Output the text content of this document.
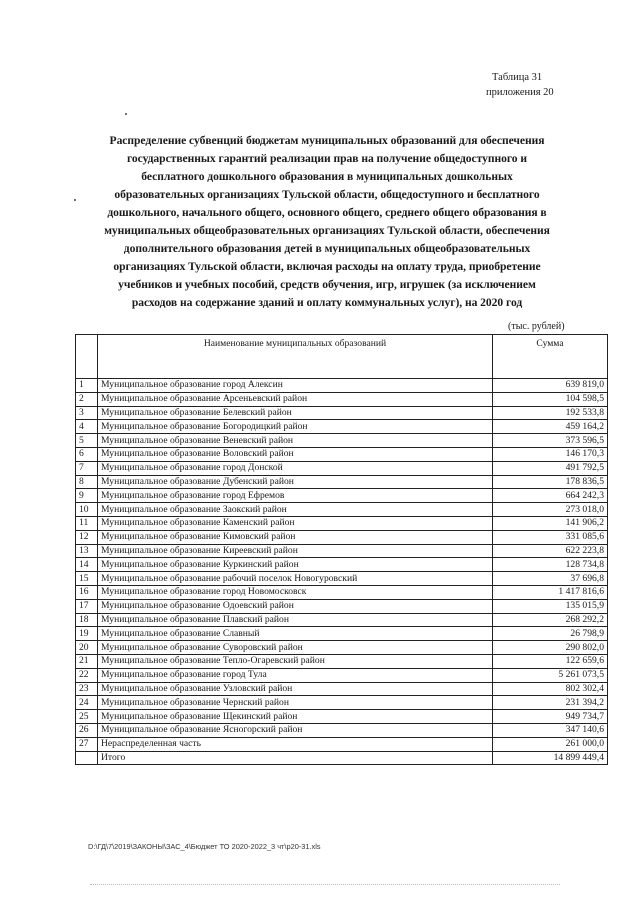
Таблица 31
приложения 20
Распределение субвенций бюджетам муниципальных образований для обеспечения
государственных гарантий реализации прав на получение общедоступного и
бесплатного дошкольного образования в муниципальных дошкольных
образовательных организациях Тульской области, общедоступного и бесплатного
дошкольного, начального общего, основного общего, среднего общего образования в
муниципальных общеобразовательных организациях Тульской области, обеспечения
дополнительного образования детей в муниципальных общеобразовательных
организациях Тульской области, включая расходы на оплату труда, приобретение
учебников и учебных пособий, средств обучения, игр, игрушек (за исключением
расходов на содержание зданий и оплату коммунальных услуг), на 2020 год
(тыс. рублей)
	Наименование муниципальных образований	Сумма
1	Муниципальное образование город Алексин	639 819,0
2	Муниципальное образование Арсеньевский район	104 598,5
3	Муниципальное образование Белевский район	192 533,8
4	Муниципальное образование Богородицкий район	459 164,2
5	Муниципальное образование Веневский район	373 596,5
6	Муниципальное образование Воловский район	146 170,3
7	Муниципальное образование город Донской	491 792,5
8	Муниципальное образование Дубенский район	178 836,5
9	Муниципальное образование город Ефремов	664 242,3
10	Муниципальное образование Заокский район	273 018,0
11	Муниципальное образование Каменский район	141 906,2
12	Муниципальное образование Кимовский район	331 085,6
13	Муниципальное образование Киреевский район	622 223,8
14	Муниципальное образование Куркинский район	128 734,8
15	Муниципальное образование рабочий поселок Новогуровский	37 696,8
16	Муниципальное образование город Новомосковск	1 417 816,6
17	Муниципальное образование Одоевский район	135 015,9
18	Муниципальное образование Плавский район	268 292,2
19	Муниципальное образование Славный	26 798,9
20	Муниципальное образование Суворовский район	290 802,0
21	Муниципальное образование Тепло-Огаревский район	122 659,6
22	Муниципальное образование город Тула	5 261 073,5
23	Муниципальное образование Узловский район	802 302,4
24	Муниципальное образование Чернский район	231 394,2
25	Муниципальное образование Щекинский район	949 734,7
26	Муниципальное образование Ясногорский район	347 140,6
27	Нераспределенная часть	261 000,0
	Итого	14 899 449,4
D:\ГД\7\2019\ЗАКОНЫ\ЗАС_4\Бюджет ТО 2020-2022_3 чт\р20-31.xls
